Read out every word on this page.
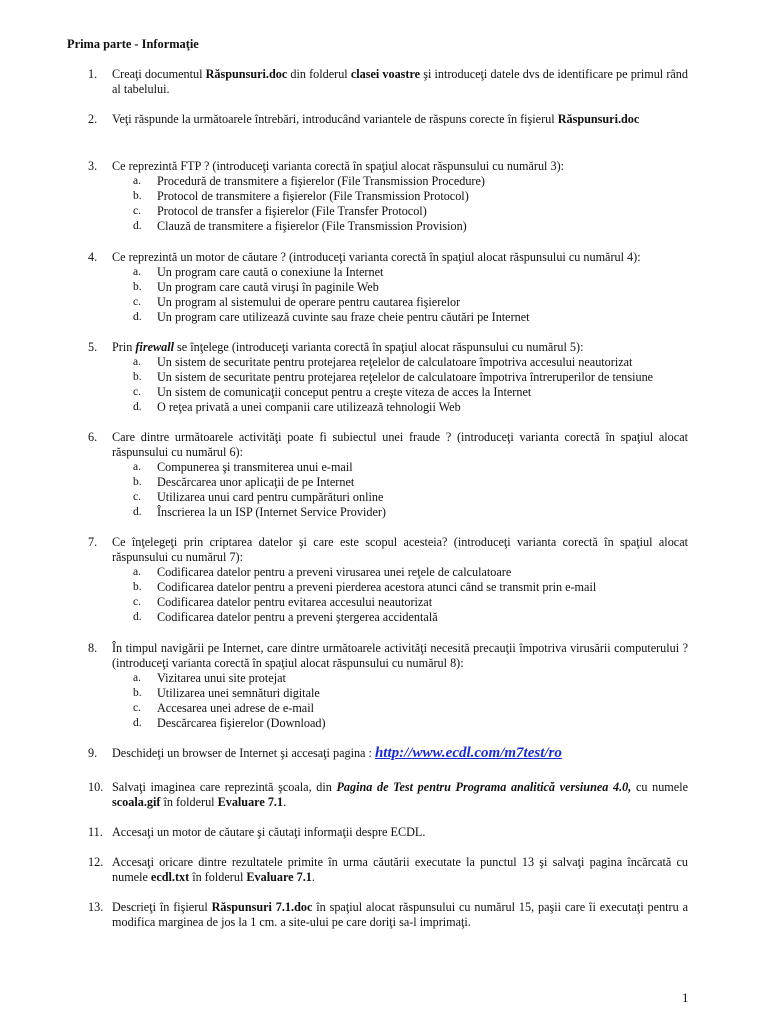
Prima parte - Informaţie
1.	Creaţi documentul Răspunsuri.doc din folderul clasei voastre şi introduceţi datele dvs de identificare pe primul rând al tabelului.
2.	Veţi răspunde la următoarele întrebări, introducând variantele de răspuns corecte în fişierul Răspunsuri.doc
3.	Ce reprezintă FTP ? (introduceţi varianta corectă în spaţiul alocat răspunsului cu numărul 3):
a.	Procedură de transmitere a fişierelor (File Transmission Procedure)
b.	Protocol de transmitere a fişierelor (File Transmission Protocol)
c.	Protocol de transfer a fişierelor (File Transfer Protocol)
d.	Clauză de transmitere a fişierelor (File Transmission Provision)
4.	Ce reprezintă un motor de căutare ? (introduceţi varianta corectă în spaţiul alocat răspunsului cu numărul 4):
a.	Un program care caută o conexiune la Internet
b.	Un program care caută viruşi în paginile Web
c.	Un program al sistemului de operare pentru cautarea fişierelor
d.	Un program care utilizează cuvinte sau fraze cheie pentru căutări pe Internet
5.	Prin firewall se înţelege (introduceţi varianta corectă în spaţiul alocat răspunsului cu numărul 5):
a.	Un sistem de securitate pentru protejarea reţelelor de calculatoare împotriva accesului neautorizat
b.	Un sistem de securitate pentru protejarea reţelelor de calculatoare împotriva întreruperilor de tensiune
c.	Un sistem de comunicaţii conceput pentru a creşte viteza de acces la Internet
d.	O reţea privată a unei companii care utilizează tehnologii Web
6.	Care dintre următoarele activităţi poate fi subiectul unei fraude ? (introduceţi varianta corectă în spaţiul alocat răspunsului cu numărul 6):
a.	Compunerea şi transmiterea unui e-mail
b.	Descărcarea unor aplicaţii de pe Internet
c.	Utilizarea unui card pentru cumpărături online
d.	Înscrierea la un ISP (Internet Service Provider)
7.	Ce înţelegeţi prin criptarea datelor şi care este scopul acesteia? (introduceţi varianta corectă în spaţiul alocat răspunsului cu numărul 7):
a.	Codificarea datelor pentru a preveni virusarea unei reţele de calculatoare
b.	Codificarea datelor pentru a preveni pierderea acestora atunci când se transmit prin e-mail
c.	Codificarea datelor pentru evitarea accesului neautorizat
d.	Codificarea datelor pentru a preveni ştergerea accidentală
8.	În timpul navigării pe Internet, care dintre următoarele activităţi necesită precauţii împotriva virusării computerului ? (introduceţi varianta corectă în spaţiul alocat răspunsului cu numărul 8):
a.	Vizitarea unui site protejat
b.	Utilizarea unei semnături digitale
c.	Accesarea unei adrese de e-mail
d.	Descărcarea fişierelor (Download)
9.	Deschideţi un browser de Internet şi accesaţi pagina : http://www.ecdl.com/m7test/ro
10. Salvaţi imaginea care reprezintă şcoala, din Pagina de Test pentru Programa analitică versiunea 4.0, cu numele scoala.gif în folderul Evaluare 7.1.
11. Accesaţi un motor de căutare şi căutaţi informaţii despre ECDL.
12. Accesaţi oricare dintre rezultatele primite în urma căutării executate la punctul 13 şi salvaţi pagina încărcată cu numele ecdl.txt în folderul Evaluare 7.1.
13. Descrieţi în fişierul Răspunsuri 7.1.doc în spaţiul alocat răspunsului cu numărul 15, paşii care îi executaţi pentru a modifica marginea de jos la 1 cm. a site-ului pe care doriţi sa-l imprimaţi.
1
